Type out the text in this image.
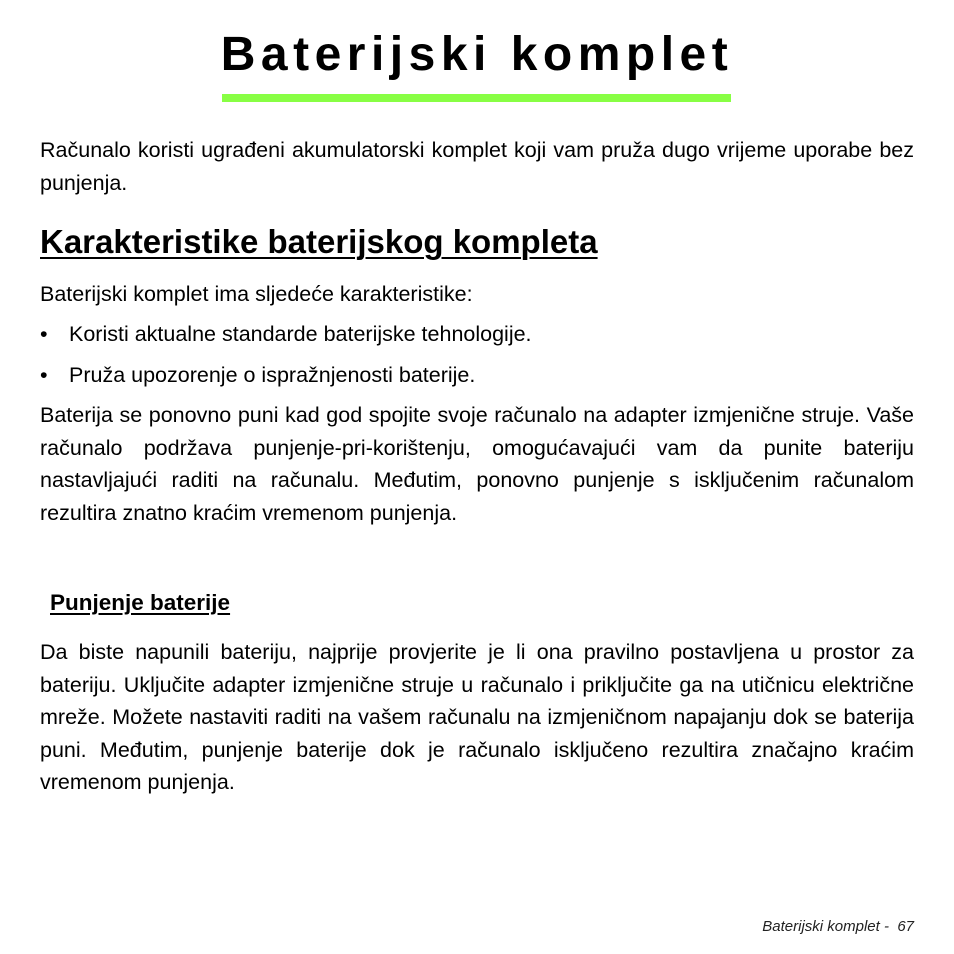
Baterijski komplet

Računalo koristi ugrađeni akumulatorski komplet koji vam pruža dugo vrijeme uporabe bez punjenja.

Karakteristike baterijskog kompleta

Baterijski komplet ima sljedeće karakteristike:

• Koristi aktualne standarde baterijske tehnologije.
• Pruža upozorenje o ispražnjenosti baterije.

Baterija se ponovno puni kad god spojite svoje računalo na adapter izmjenične struje. Vaše računalo podržava punjenje-pri-korištenju, omogućavajući vam da punite bateriju nastavljajući raditi na računalu. Međutim, ponovno punjenje s isključenim računalom rezultira znatno kraćim vremenom punjenja.

Punjenje baterije

Da biste napunili bateriju, najprije provjerite je li ona pravilno postavljena u prostor za bateriju. Uključite adapter izmjenične struje u računalo i priključite ga na utičnicu električne mreže. Možete nastaviti raditi na vašem računalu na izmjeničnom napajanju dok se baterija puni. Međutim, punjenje baterije dok je računalo isključeno rezultira značajno kraćim vremenom punjenja.

Baterijski komplet - 67
